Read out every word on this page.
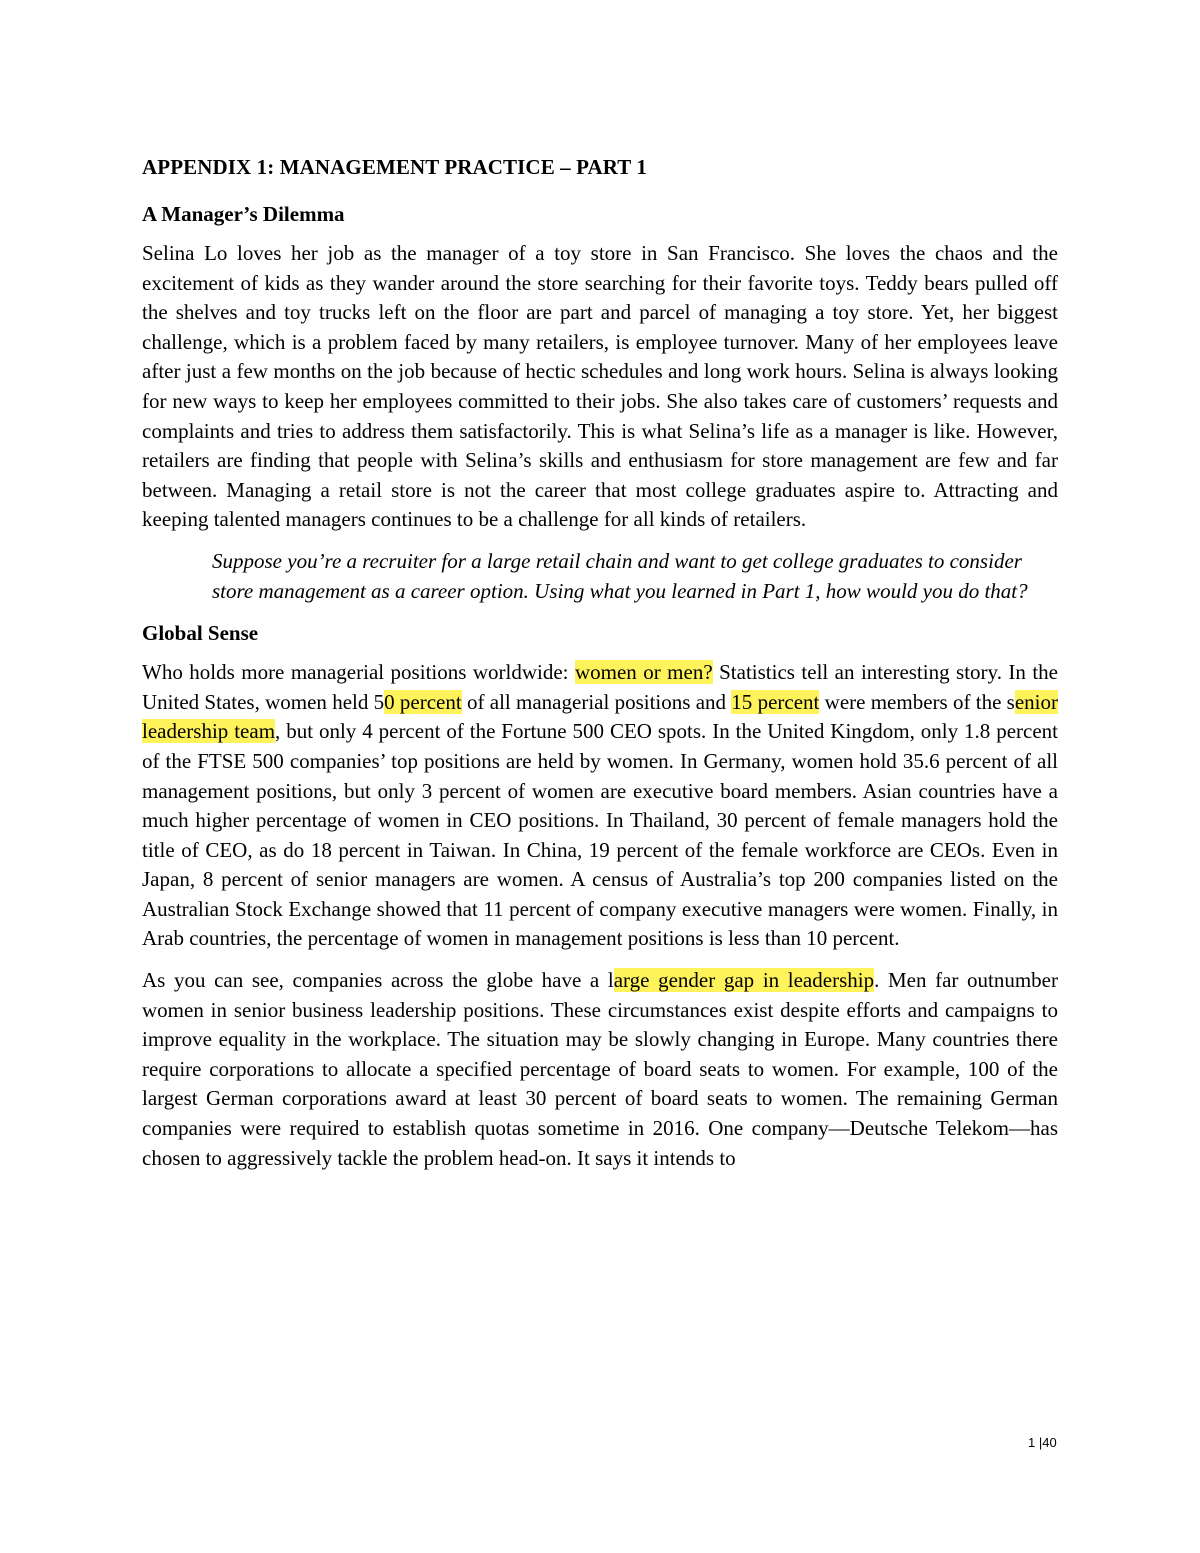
APPENDIX 1: MANAGEMENT PRACTICE – PART 1
A Manager’s Dilemma

Selina Lo loves her job as the manager of a toy store in San Francisco. She loves the chaos and the excitement of kids as they wander around the store searching for their favorite toys. Teddy bears pulled off the shelves and toy trucks left on the floor are part and parcel of managing a toy store. Yet, her biggest challenge, which is a problem faced by many retailers, is employee turnover. Many of her employees leave after just a few months on the job because of hectic schedules and long work hours. Selina is always looking for new ways to keep her employees committed to their jobs. She also takes care of customers’ requests and complaints and tries to address them satisfactorily. This is what Selina’s life as a manager is like. However, retailers are finding that people with Selina’s skills and enthusiasm for store management are few and far between. Managing a retail store is not the career that most college graduates aspire to. Attracting and keeping talented managers continues to be a challenge for all kinds of retailers.

Suppose you’re a recruiter for a large retail chain and want to get college graduates to consider store management as a career option. Using what you learned in Part 1, how would you do that?

Global Sense

Who holds more managerial positions worldwide: women or men? Statistics tell an interesting story. In the United States, women held 50 percent of all managerial positions and 15 percent were members of the senior leadership team, but only 4 percent of the Fortune 500 CEO spots. In the United Kingdom, only 1.8 percent of the FTSE 500 companies’ top positions are held by women. In Germany, women hold 35.6 percent of all management positions, but only 3 percent of women are executive board members. Asian countries have a much higher percentage of women in CEO positions. In Thailand, 30 percent of female managers hold the title of CEO, as do 18 percent in Taiwan. In China, 19 percent of the female workforce are CEOs. Even in Japan, 8 percent of senior managers are women. A census of Australia’s top 200 companies listed on the Australian Stock Exchange showed that 11 percent of company executive managers were women. Finally, in Arab countries, the percentage of women in management positions is less than 10 percent.

As you can see, companies across the globe have a large gender gap in leadership. Men far outnumber women in senior business leadership positions. These circumstances exist despite efforts and campaigns to improve equality in the workplace. The situation may be slowly changing in Europe. Many countries there require corporations to allocate a specified percentage of board seats to women. For example, 100 of the largest German corporations award at least 30 percent of board seats to women. The remaining German companies were required to establish quotas sometime in 2016. One company—Deutsche Telekom—has chosen to aggressively tackle the problem head-on. It says it intends to

1 |40
